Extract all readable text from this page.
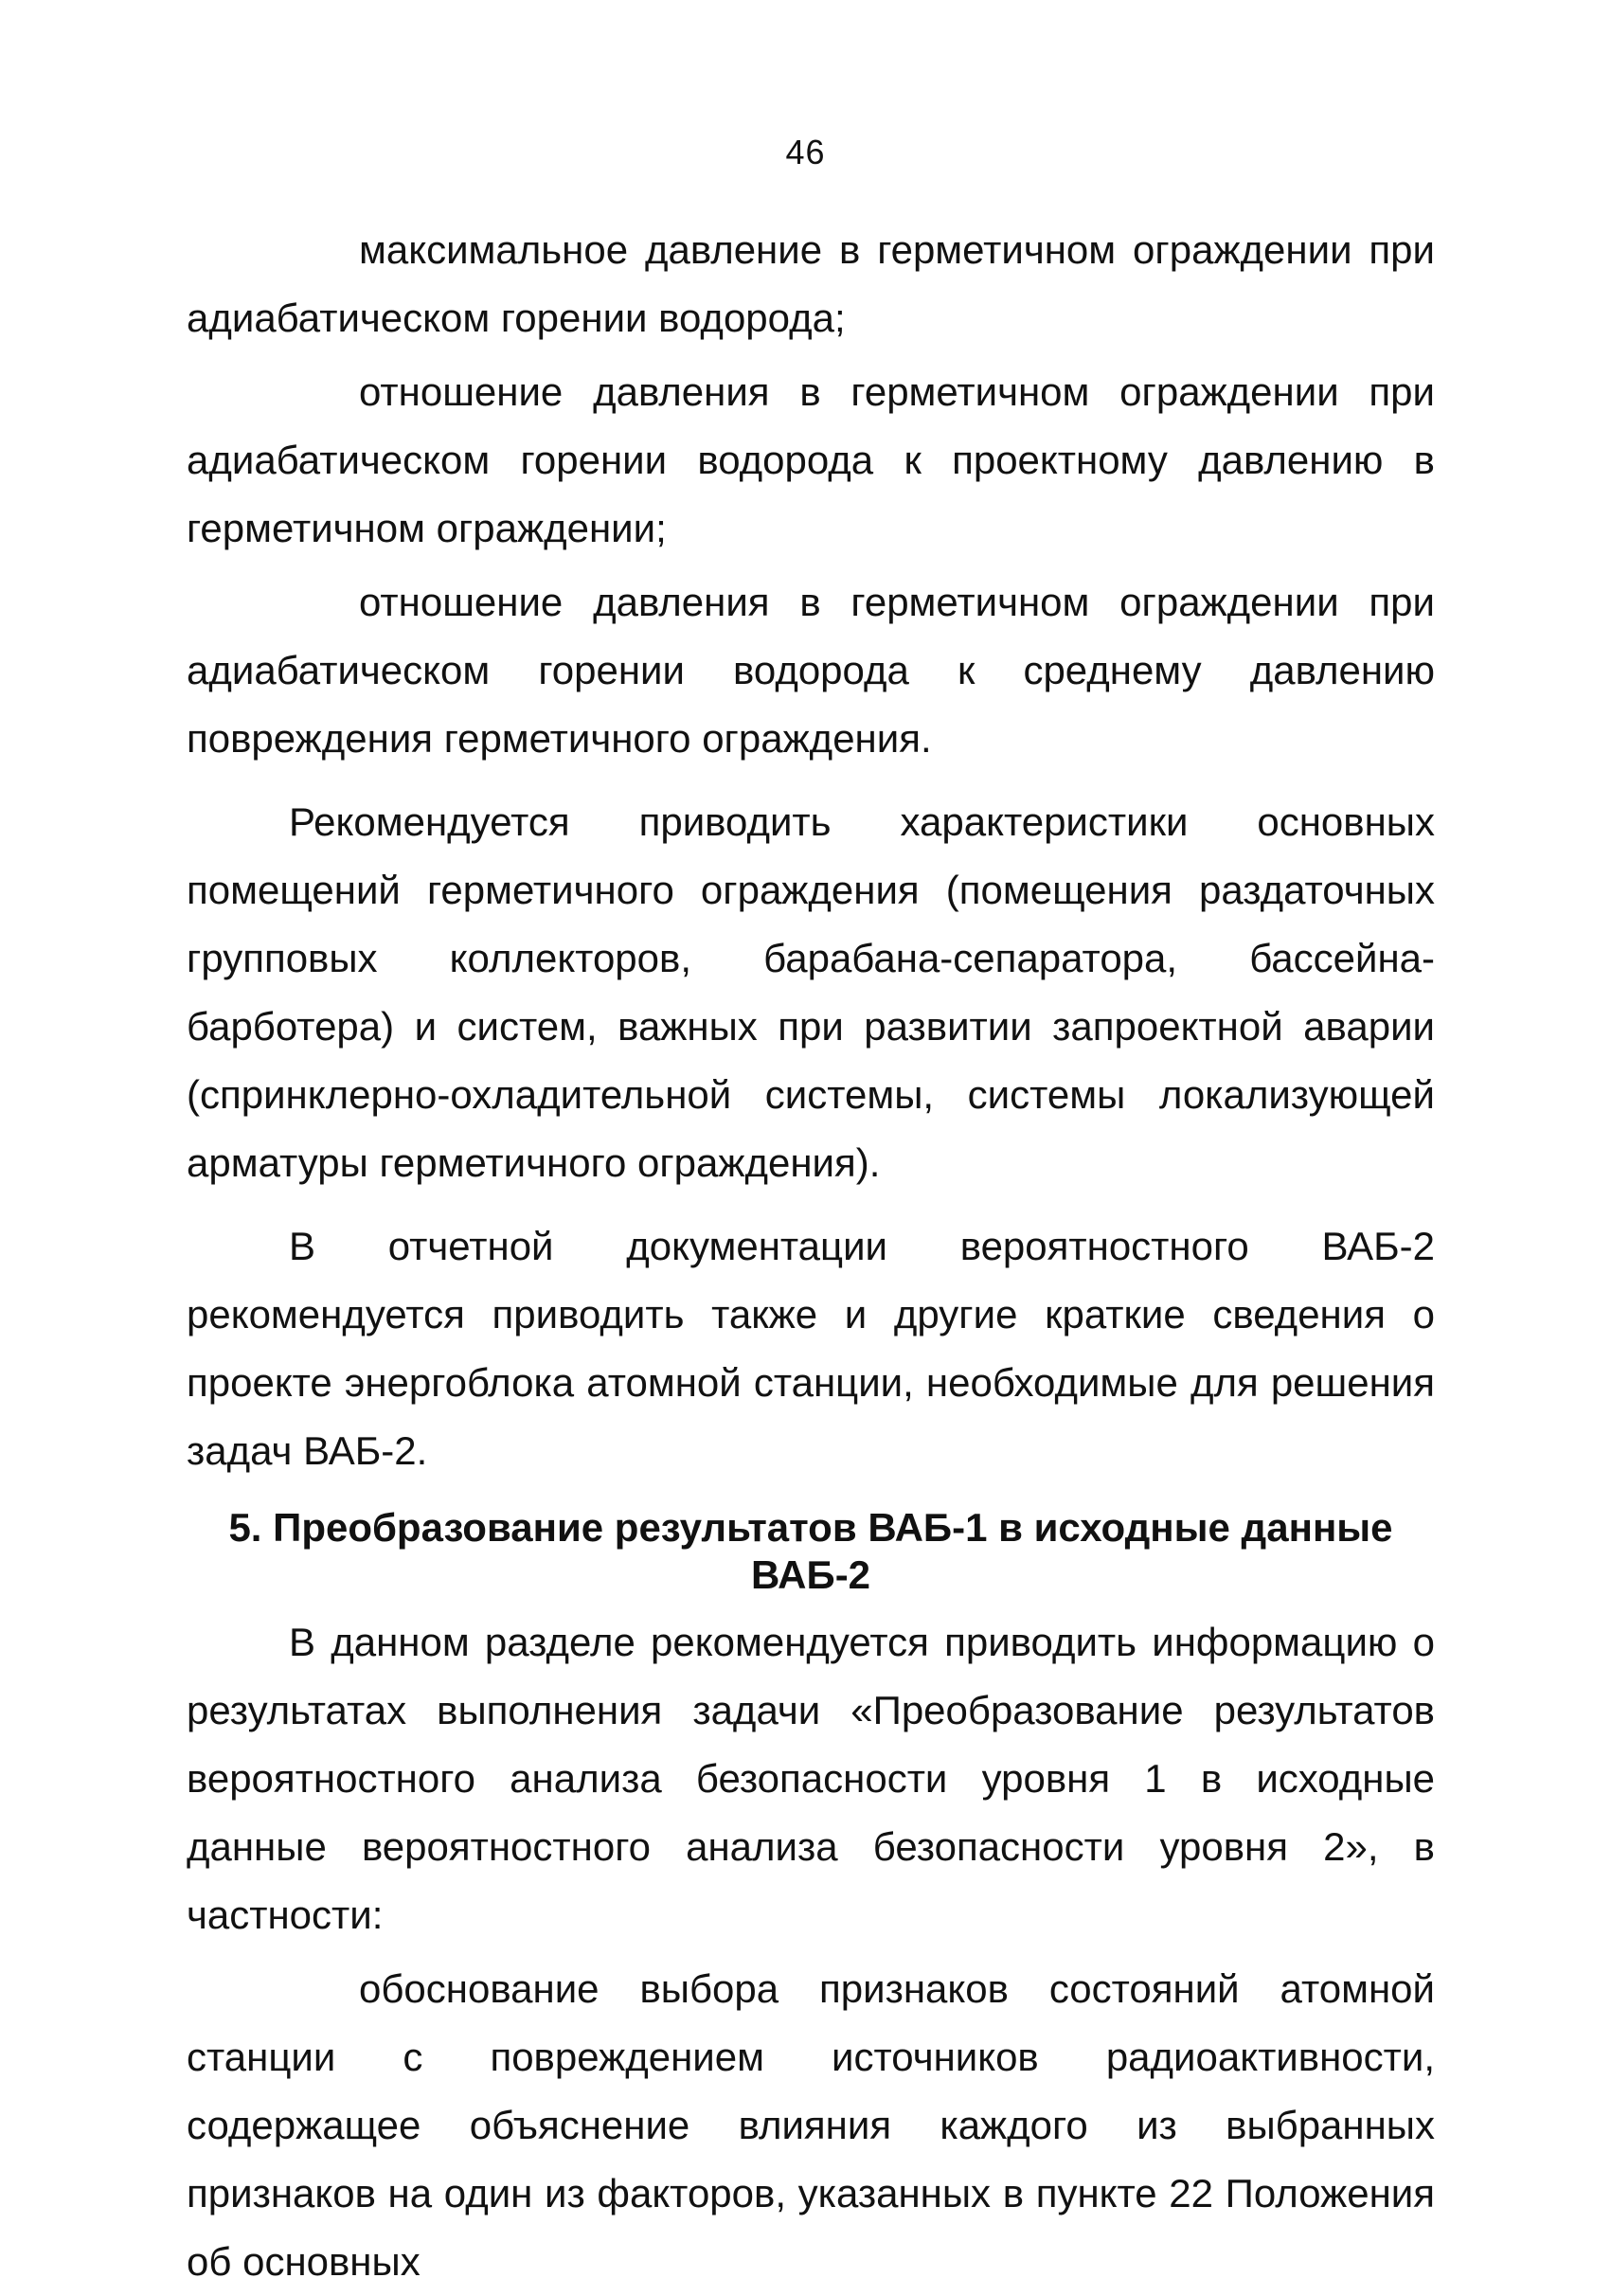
46

максимальное давление в герметичном ограждении при адиабатическом горении водорода;

отношение давления в герметичном ограждении при адиабатическом горении водорода к проектному давлению в герметичном ограждении;

отношение давления в герметичном ограждении при адиабатическом горении водорода к среднему давлению повреждения герметичного ограждения.

Рекомендуется приводить характеристики основных помещений герметичного ограждения (помещения раздаточных групповых коллекторов, барабана-сепаратора, бассейна-барботера) и систем, важных при развитии запроектной аварии (спринклерно-охладительной системы, системы локализующей арматуры герметичного ограждения).

В отчетной документации вероятностного ВАБ-2 рекомендуется приводить также и другие краткие сведения о проекте энергоблока атомной станции, необходимые для решения задач ВАБ-2.

5. Преобразование результатов ВАБ-1 в исходные данные
ВАБ-2

В данном разделе рекомендуется приводить информацию о результатах выполнения задачи «Преобразование результатов вероятностного анализа безопасности уровня 1 в исходные данные вероятностного анализа безопасности уровня 2», в частности:

обоснование выбора признаков состояний атомной станции с повреждением источников радиоактивности, содержащее объяснение влияния каждого из выбранных признаков на один из факторов, указанных в пункте 22 Положения об основных
